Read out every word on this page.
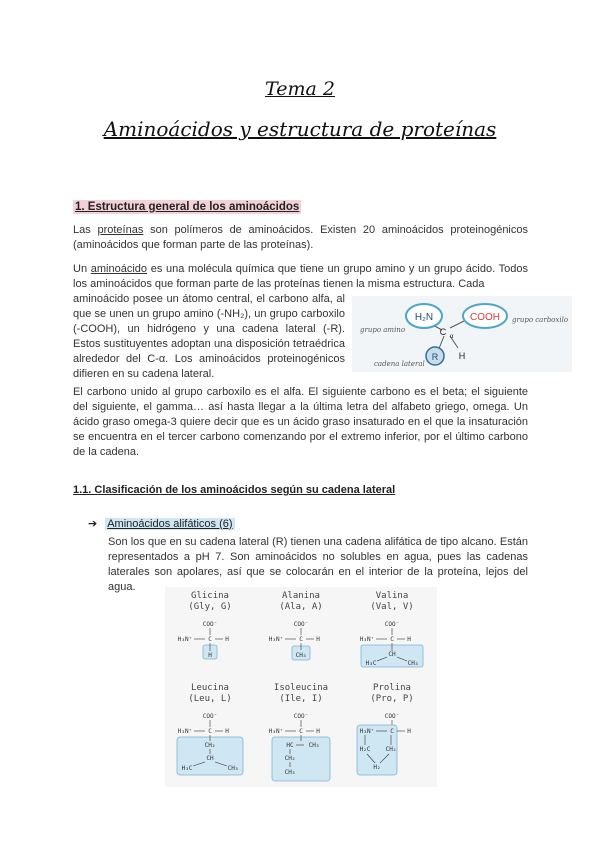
Tema 2
Aminoácidos y estructura de proteínas
1. Estructura general de los aminoácidos
Las proteínas son polímeros de aminoácidos. Existen 20 aminoácidos proteinogénicos (aminoácidos que forman parte de las proteínas).
Un aminoácido es una molécula química que tiene un grupo amino y un grupo ácido. Todos los aminoácidos que forman parte de las proteínas tienen la misma estructura. Cada
aminoácido posee un átomo central, el carbono alfa, al que se unen un grupo amino (-NH₂), un grupo carboxilo (-COOH), un hidrógeno y una cadena lateral (-R). Estos sustituyentes adoptan una disposición tetraédrica alrededor del C-α. Los aminoácidos proteinogénicos difieren en su cadena lateral.
H₂N	COOH
C α
R H
grupo amino
grupo carboxilo
cadena lateral
El carbono unido al grupo carboxilo es el alfa. El siguiente carbono es el beta; el siguiente del siguiente, el gamma… así hasta llegar a la última letra del alfabeto griego, omega. Un ácido graso omega-3 quiere decir que es un ácido graso insaturado en el que la insaturación se encuentra en el tercer carbono comenzando por el extremo inferior, por el último carbono de la cadena.
1.1. Clasificación de los aminoácidos según su cadena lateral
➔ Aminoácidos alifáticos (6)
Son los que en su cadena lateral (R) tienen una cadena alifática de tipo alcano. Están representados a pH 7. Son aminoácidos no solubles en agua, pues las cadenas laterales son apolares, así que se colocarán en el interior de la proteína, lejos del agua.
Glicina
(Gly, G)
COO⁻
H₃N⁺	C H
H
Alanina
(Ala, A)
COO⁻
H₃N⁺	C H
CH₃
Valina
(Val, V)
COO⁻
H₃N⁺	C H
CH
H₃C	CH₃
Leucina
(Leu, L)
COO⁻
H₃N⁺	C H
CH₂
CH
H₃C	CH₃
Isoleucina
(Ile, I)
COO⁻
H₃N⁺	C H
HC CH₃
CH₂
CH₃
Prolina
(Pro, P)
COO⁻
H₃N⁺	C H
H₂C	CH₂
H₂
